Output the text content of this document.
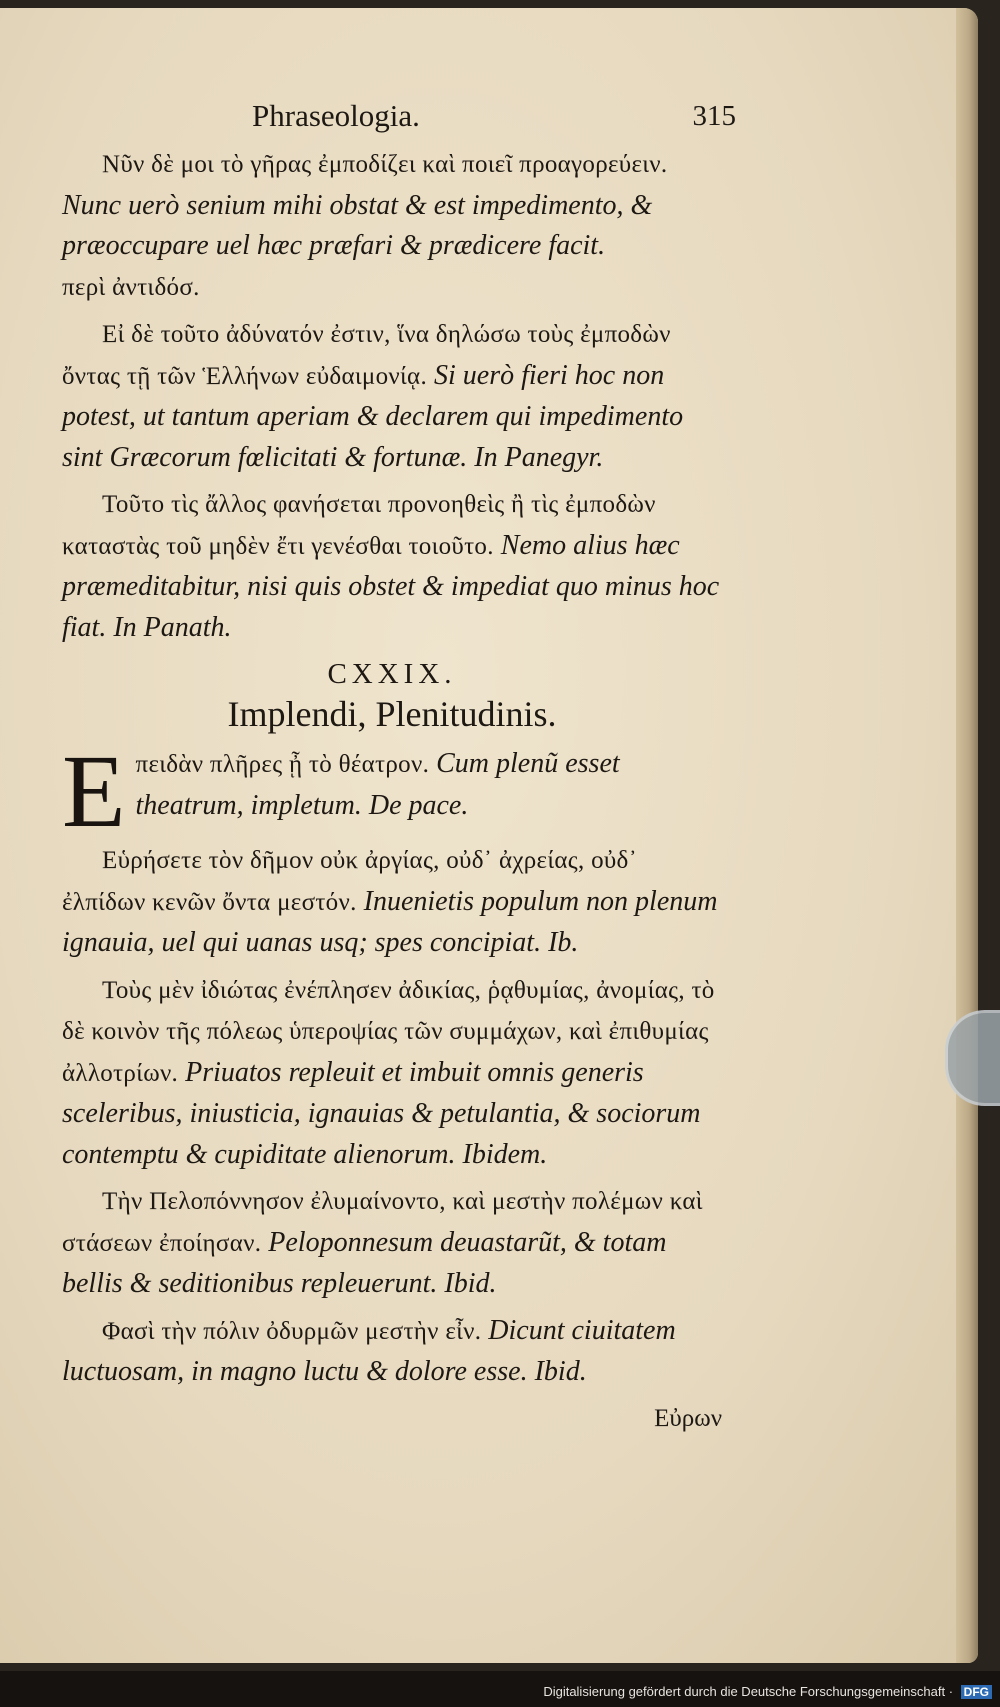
Phraseologia.	315

Νῦν δὲ μοι τὸ γῆρας ἐμποδίζει καὶ ποιεῖ προαγορεύειν. Nunc uerò senium mihi obstat & est impedimento, & præoccupare uel hæc præfari & prædicere facit.

περὶ ἀντιδόσ.

Εἰ δὲ τοῦτο ἀδύνατόν ἐστιν, ἵνα δηλώσω τοὺς ἐμποδὼν ὄντας τῇ τῶν Ἑλλήνων εὐδαιμονίᾳ. Si uerò fieri hoc non potest, ut tantum aperiam & declarem qui impedimento sint Græcorum fœlicitati & fortunæ. In Panegyr.

Τοῦτο τὶς ἄλλος φανήσεται προνοηθεὶς ἢ τὶς ἐμποδὼν καταστὰς τοῦ μηδὲν ἔτι γενέσθαι τοιοῦτο. Nemo alius hæc præmeditabitur, nisi quis obstet & impediat quo minus hoc fiat. In Panath.

CXXIX.
Implendi, Plenitudinis.

E πειδὰν πλῆρες ᾖ τὸ θέατρον. Cum plenũ esset theatrum, impletum. De pace.

Εὑρήσετε τὸν δῆμον οὐκ ἀργίας, οὐδ᾽ ἀχρείας, οὐδ᾽ ἐλπίδων κενῶν ὄντα μεστόν. Inuenietis populum non plenum ignauia, uel qui uanas usq; spes concipiat. Ib.

Τοὺς μὲν ἰδιώτας ἐνέπλησεν ἀδικίας, ῥᾳθυμίας, ἀνομίας, τὸ δὲ κοινὸν τῆς πόλεως ὑπεροψίας τῶν συμμάχων, καὶ ἐπιθυμίας ἀλλοτρίων. Priuatos repleuit et imbuit omnis generis sceleribus, iniusticia, ignauias & petulantia, & sociorum contemptu & cupiditate alienorum. Ibidem.

Τὴν Πελοπόννησον ἐλυμαίνοντο, καὶ μεστὴν πολέμων καὶ στάσεων ἐποίησαν. Peloponnesum deuastarũt, & totam bellis & seditionibus repleuerunt. Ibid.

Φασὶ τὴν πόλιν ὀδυρμῶν μεστὴν εἶν. Dicunt ciuitatem luctuosam, in magno luctu & dolore esse. Ibid.

Εὐρων
Digitalisierung gefördert durch die Deutsche Forschungsgemeinschaft · DFG
